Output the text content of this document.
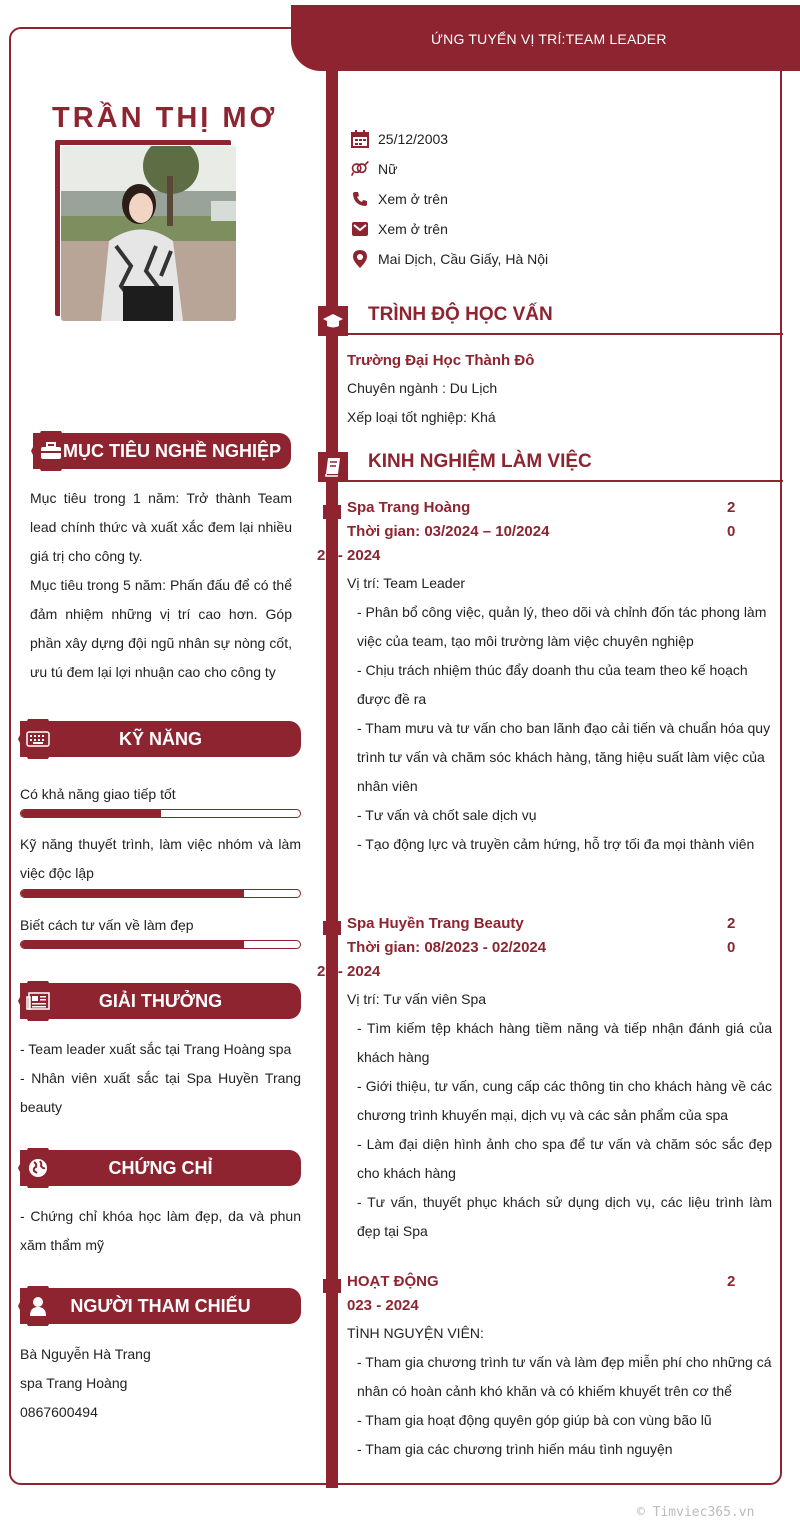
ỨNG TUYỂN VỊ TRÍ:TEAM LEADER
TRẦN THỊ MƠ
25/12/2003
Nữ
Xem ở trên
Xem ở trên
Mai Dịch, Cầu Giấy, Hà Nội
TRÌNH ĐỘ HỌC VẤN
Trường Đại Học Thành Đô
Chuyên ngành : Du Lịch
Xếp loại tốt nghiệp: Khá
KINH NGHIỆM LÀM VIỆC
Spa Trang Hoàng	2
Thời gian: 03/2024 – 10/2024	0
23 - 2024
Vị trí: Team Leader
- Phân bổ công việc, quản lý, theo dõi và chỉnh đốn tác phong làm việc của team, tạo môi trường làm việc chuyên nghiệp
- Chịu trách nhiệm thúc đẩy doanh thu của team theo kế hoạch được đề ra
- Tham mưu và tư vấn cho ban lãnh đạo cải tiến và chuẩn hóa quy trình tư vấn và chăm sóc khách hàng, tăng hiệu suất làm việc của nhân viên
- Tư vấn và chốt sale dịch vụ
- Tạo động lực và truyền cảm hứng, hỗ trợ tối đa mọi thành viên
Spa Huyền Trang Beauty	2
Thời gian: 08/2023 - 02/2024	0
23 - 2024
Vị trí: Tư vấn viên Spa
- Tìm kiếm tệp khách hàng tiềm năng và tiếp nhận đánh giá của khách hàng
- Giới thiệu, tư vấn, cung cấp các thông tin cho khách hàng về các chương trình khuyến mại, dịch vụ và các sản phẩm của spa
- Làm đại diện hình ảnh cho spa để tư vấn và chăm sóc sắc đẹp cho khách hàng
- Tư vấn, thuyết phục khách sử dụng dịch vụ, các liệu trình làm đẹp tại Spa
HOẠT ĐỘNG	2
023 - 2024
TÌNH NGUYỆN VIÊN:
- Tham gia chương trình tư vấn và làm đẹp miễn phí cho những cá nhân có hoàn cảnh khó khăn và có khiếm khuyết trên cơ thể
- Tham gia hoạt động quyên góp giúp bà con vùng bão lũ
- Tham gia các chương trình hiến máu tình nguyện
MỤC TIÊU NGHỀ NGHIỆP
Mục tiêu trong 1 năm: Trở thành Team lead chính thức và xuất xắc đem lại nhiều giá trị cho công ty.
Mục tiêu trong 5 năm: Phấn đấu để có thể đảm nhiệm những vị trí cao hơn. Góp phần xây dựng đội ngũ nhân sự nòng cốt, ưu tú đem lại lợi nhuận cao cho công ty
KỸ NĂNG
Có khả năng giao tiếp tốt
Kỹ năng thuyết trình, làm việc nhóm và làm việc độc lập
Biết cách tư vấn về làm đẹp
GIẢI THƯỞNG
- Team leader xuất sắc tại Trang Hoàng spa
- Nhân viên xuất sắc tại Spa Huyền Trang beauty
CHỨNG CHỈ
- Chứng chỉ khóa học làm đẹp, da và phun xăm thẩm mỹ
NGƯỜI THAM CHIẾU
Bà Nguyễn Hà Trang
spa Trang Hoàng
0867600494
© Timviec365.vn
